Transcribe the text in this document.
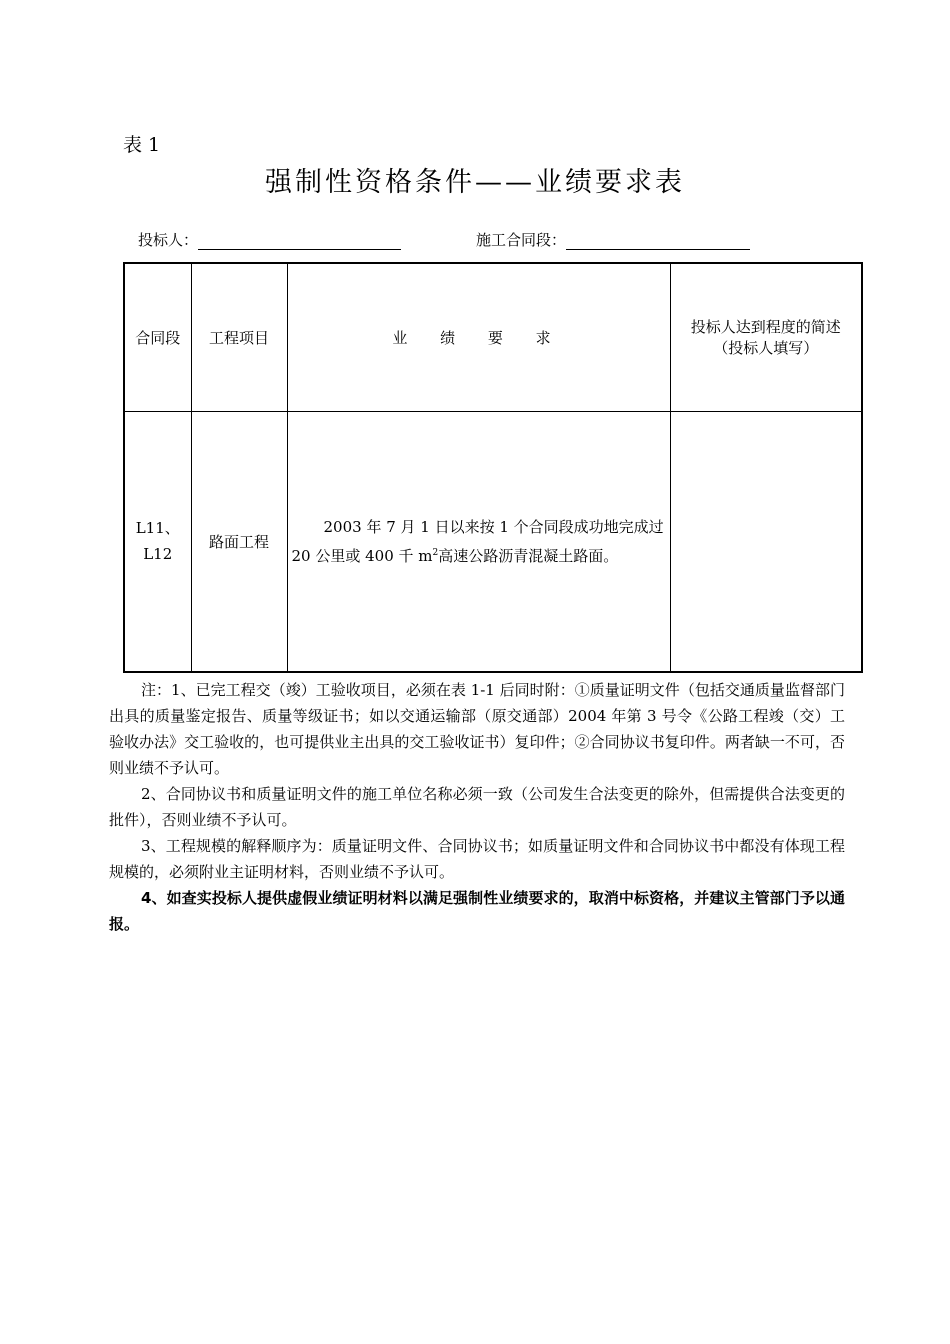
表 1
强制性资格条件——业绩要求表
投标人：	施工合同段：
合同段	工程项目	业 绩 要 求	投标人达到程度的简述
（投标人填写）

L11、
L12	路面工程	2003 年 7 月 1 日以来按 1 个合同段成功地完成过 20 公里或 400 千 $m^2$高速公路沥青混凝土路面。	

注：1、已完工程交（竣）工验收项目，必须在表 1-1 后同时附：①质量证明文件（包括交通质量监督部门出具的质量鉴定报告、质量等级证书；如以交通运输部（原交通部）2004 年第 3 号令《公路工程竣（交）工验收办法》交工验收的，也可提供业主出具的交工验收证书）复印件；②合同协议书复印件。两者缺一不可，否则业绩不予认可。

2、合同协议书和质量证明文件的施工单位名称必须一致（公司发生合法变更的除外，但需提供合法变更的批件），否则业绩不予认可。

3、工程规模的解释顺序为：质量证明文件、合同协议书；如质量证明文件和合同协议书中都没有体现工程规模的，必须附业主证明材料，否则业绩不予认可。

4、如查实投标人提供虚假业绩证明材料以满足强制性业绩要求的，取消中标资格，并建议主管部门予以通报。
